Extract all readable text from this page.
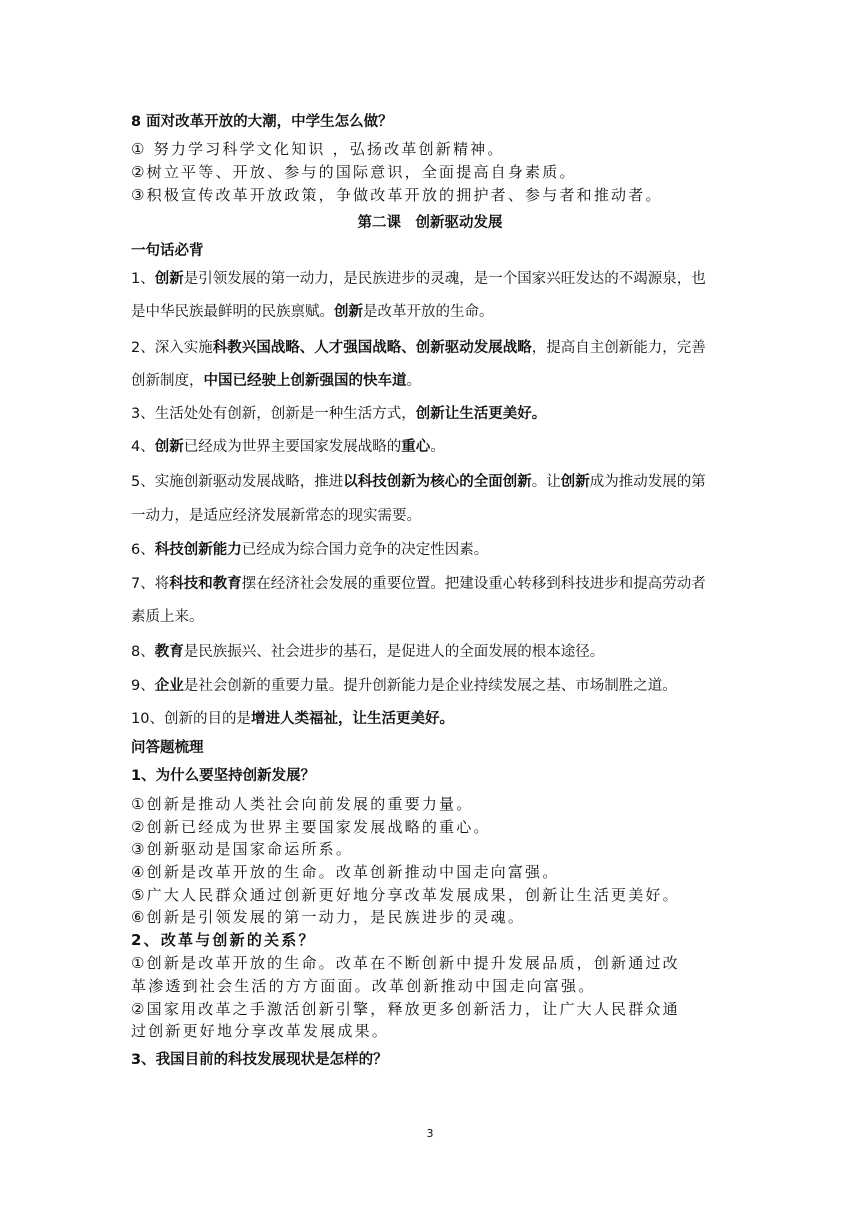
8 面对改革开放的大潮，中学生怎么做？
① 努力学习科学文化知识 ，弘扬改革创新精神。
②树立平等、开放、参与的国际意识，全面提高自身素质。
③积极宣传改革开放政策，争做改革开放的拥护者、参与者和推动者。
第二课　创新驱动发展
一句话必背
1、创新是引领发展的第一动力，是民族进步的灵魂，是一个国家兴旺发达的不竭源泉，也
是中华民族最鲜明的民族禀赋。创新是改革开放的生命。
2、深入实施科教兴国战略、人才强国战略、创新驱动发展战略，提高自主创新能力，完善
创新制度，中国已经驶上创新强国的快车道。
3、生活处处有创新，创新是一种生活方式，创新让生活更美好。
4、创新已经成为世界主要国家发展战略的重心。
5、实施创新驱动发展战略，推进以科技创新为核心的全面创新。让创新成为推动发展的第
一动力，是适应经济发展新常态的现实需要。
6、科技创新能力已经成为综合国力竞争的决定性因素。
7、将科技和教育摆在经济社会发展的重要位置。把建设重心转移到科技进步和提高劳动者
素质上来。
8、教育是民族振兴、社会进步的基石，是促进人的全面发展的根本途径。
9、企业是社会创新的重要力量。提升创新能力是企业持续发展之基、市场制胜之道。
10、创新的目的是增进人类福祉，让生活更美好。
问答题梳理
1、为什么要坚持创新发展？
①创新是推动人类社会向前发展的重要力量。
②创新已经成为世界主要国家发展战略的重心。
③创新驱动是国家命运所系。
④创新是改革开放的生命。改革创新推动中国走向富强。
⑤广大人民群众通过创新更好地分享改革发展成果，创新让生活更美好。
⑥创新是引领发展的第一动力，是民族进步的灵魂。
2、改革与创新的关系？
①创新是改革开放的生命。改革在不断创新中提升发展品质，创新通过改
革渗透到社会生活的方方面面。改革创新推动中国走向富强。
②国家用改革之手激活创新引擎，释放更多创新活力，让广大人民群众通
过创新更好地分享改革发展成果。
3、我国目前的科技发展现状是怎样的？
3
